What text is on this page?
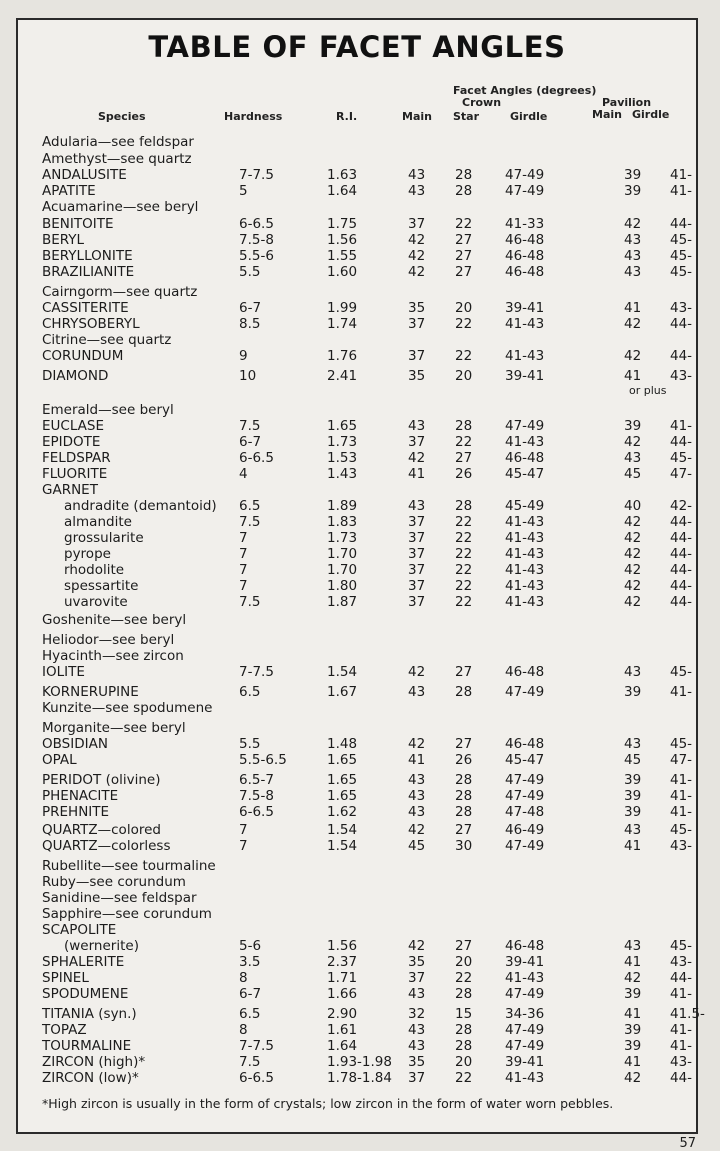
TABLE OF FACET ANGLES
Facet Angles (degrees)
Crown	Pavilion
Species	Hardness	R.I.	Main Star	Girdle	Main Girdle
Adularia—see feldspar
Amethyst—see quartz
ANDALUSITE	7-7.5	1.63	43 28 47-49	39 41-
APATITE	5	1.64	43 28 47-49	39 41-
Acuamarine—see beryl
BENITOITE	6-6.5	1.75	37 22 41-33	42 44-
BERYL	7.5-8	1.56	42 27 46-48	43 45-
BERYLLONITE	5.5-6	1.55	42 27 46-48	43 45-
BRAZILIANITE	5.5	1.60	42 27 46-48	43 45-
Cairngorm—see quartz
CASSITERITE	6-7	1.99	35 20 39-41	41 43-
CHRYSOBERYL	8.5	1.74	37 22 41-43	42 44-
Citrine—see quartz
CORUNDUM	9	1.76	37 22 41-43	42 44-
DIAMOND	10	2.41	35 20 39-41	41 43-
or plus
Emerald—see beryl
EUCLASE	7.5	1.65	43 28 47-49	39 41-
EPIDOTE	6-7	1.73	37 22 41-43	42 44-
FELDSPAR	6-6.5	1.53	42 27 46-48	43 45-
FLUORITE	4	1.43	41 26 45-47	45 47-
GARNET
andradite (demantoid) 6.5	1.89	43 28 45-49	40 42-
almandite	7.5	1.83	37 22 41-43	42 44-
grossularite	7	1.73	37 22 41-43	42 44-
pyrope	7	1.70	37 22 41-43	42 44-
rhodolite	7	1.70	37 22 41-43	42 44-
spessartite	7	1.80	37 22 41-43	42 44-
uvarovite	7.5	1.87	37 22 41-43	42 44-
Goshenite—see beryl
Heliodor—see beryl
Hyacinth—see zircon
IOLITE	7-7.5	1.54	42 27 46-48	43 45-
KORNERUPINE	6.5	1.67	43 28 47-49	39 41-
Kunzite—see spodumene
Morganite—see beryl
OBSIDIAN	5.5	1.48	42 27 46-48	43 45-
OPAL	5.5-6.5	1.65	41 26 45-47	45 47-
PERIDOT (olivine)	6.5-7	1.65	43 28 47-49	39 41-
PHENACITE	7.5-8	1.65	43 28 47-49	39 41-
PREHNITE	6-6.5	1.62	43 28 47-48	39 41-
QUARTZ—colored	7	1.54	42 27 46-49	43 45-
QUARTZ—colorless	7	1.54	45 30 47-49	41 43-
Rubellite—see tourmaline
Ruby—see corundum
Sanidine—see feldspar
Sapphire—see corundum
SCAPOLITE
(wernerite)	5-6	1.56	42 27 46-48	43 45-
SPHALERITE	3.5	2.37	35 20 39-41	41 43-
SPINEL	8	1.71	37 22 41-43	42 44-
SPODUMENE	6-7	1.66	43 28 47-49	39 41-
TITANIA (syn.)	6.5	2.90	32 15 34-36	41 41.5-
TOPAZ	8	1.61	43 28 47-49	39 41-
TOURMALINE	7-7.5	1.64	43 28 47-49	39 41-
ZIRCON (high)*	7.5	1.93-1.98 35 20 39-41	41 43-
ZIRCON (low)*	6-6.5	1.78-1.84 37 22 41-43	42 44-
*High zircon is usually in the form of crystals; low zircon in the form of water worn pebbles.
57
